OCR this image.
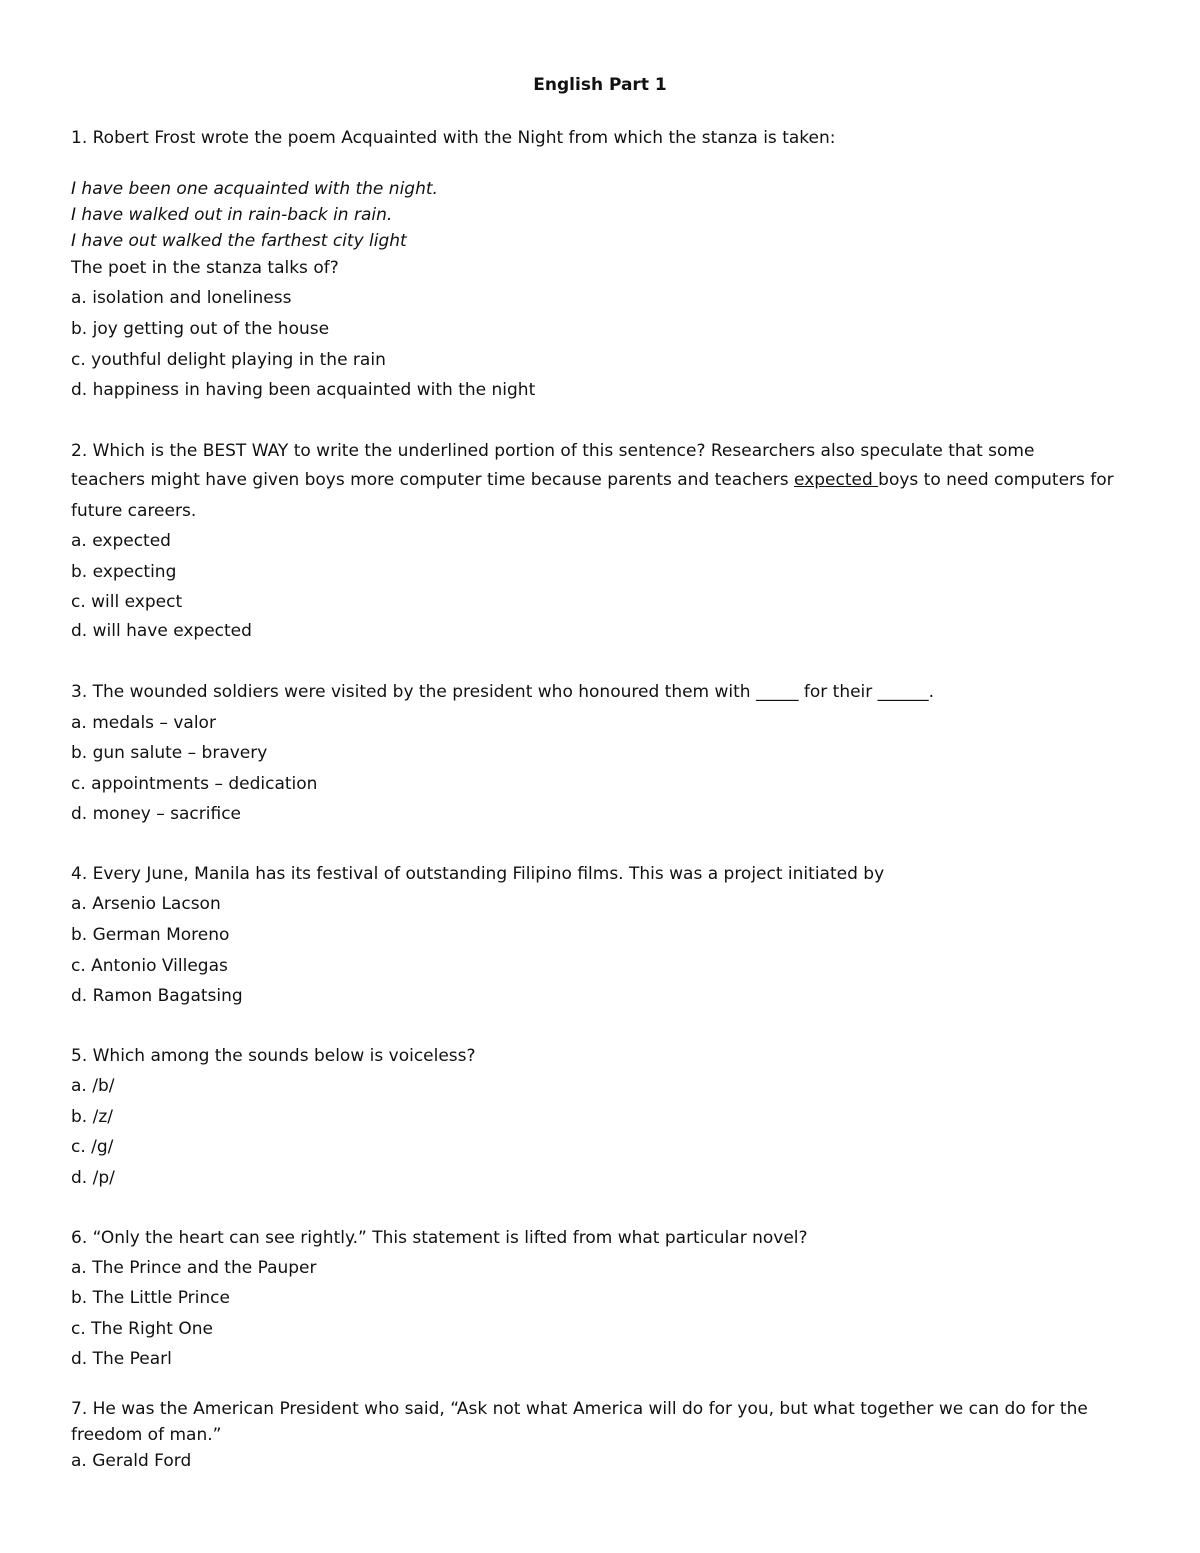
English Part 1
1. Robert Frost wrote the poem Acquainted with the Night from which the stanza is taken:
I have been one acquainted with the night.
I have walked out in rain-back in rain.
I have out walked the farthest city light
The poet in the stanza talks of?
a. isolation and loneliness
b. joy getting out of the house
c. youthful delight playing in the rain
d. happiness in having been acquainted with the night
2. Which is the BEST WAY to write the underlined portion of this sentence? Researchers also speculate that some
teachers might have given boys more computer time because parents and teachers expected boys to need computers for
future careers.
a. expected
b. expecting
c. will expect
d. will have expected
3. The wounded soldiers were visited by the president who honoured them with _____ for their ______.
a. medals – valor
b. gun salute – bravery
c. appointments – dedication
d. money – sacrifice
4. Every June, Manila has its festival of outstanding Filipino films. This was a project initiated by
a. Arsenio Lacson
b. German Moreno
c. Antonio Villegas
d. Ramon Bagatsing
5. Which among the sounds below is voiceless?
a. /b/
b. /z/
c. /g/
d. /p/
6. “Only the heart can see rightly.” This statement is lifted from what particular novel?
a. The Prince and the Pauper
b. The Little Prince
c. The Right One
d. The Pearl
7. He was the American President who said, “Ask not what America will do for you, but what together we can do for the
freedom of man.”
a. Gerald Ford
